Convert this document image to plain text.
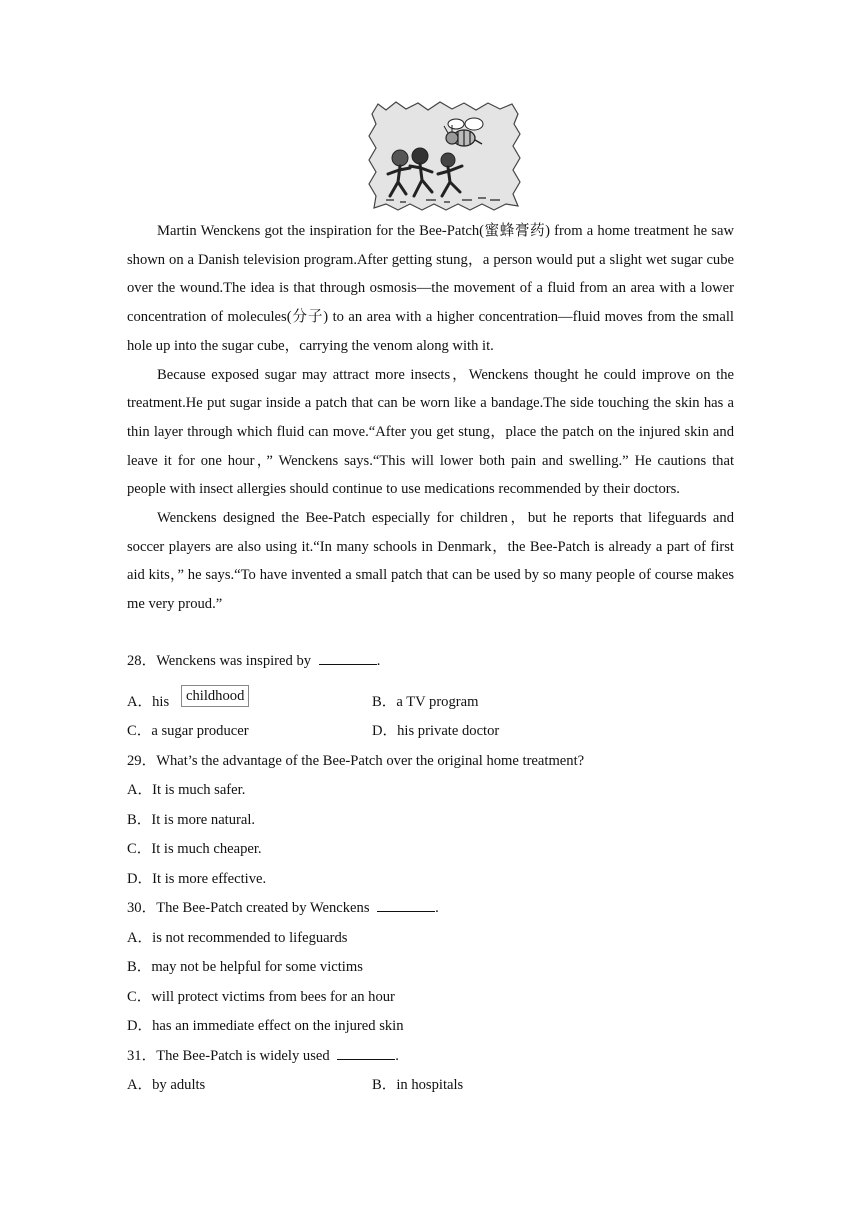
Martin Wenckens got the inspiration for the Bee-Patch(蜜蜂膏药) from a home treatment he saw shown on a Danish television program.After getting stung，a person would put a slight wet sugar cube over the wound.The idea is that through osmosis—the movement of a fluid from an area with a lower concentration of molecules(分子) to an area with a higher concentration—fluid moves from the small hole up into the sugar cube，carrying the venom along with it.

Because exposed sugar may attract more insects，Wenckens thought he could improve on the treatment.He put sugar inside a patch that can be worn like a bandage.The side touching the skin has a thin layer through which fluid can move.“After you get stung，place the patch on the injured skin and leave it for one hour，” Wenckens says.“This will lower both pain and swelling.” He cautions that people with insect allergies should continue to use medications recommended by their doctors.

Wenckens designed the Bee-Patch especially for children，but he reports that lifeguards and soccer players are also using it.“In many schools in Denmark，the Bee-Patch is already a part of first aid kits，” he says.“To have invented a small patch that can be used by so many people of course makes me very proud.”

28．Wenckens was inspired by	.
A．his	childhood	B．a TV program
C．a sugar producer	D．his private doctor
29．What’s the advantage of the Bee-Patch over the original home treatment?
A．It is much safer.
B．It is more natural.
C．It is much cheaper.
D．It is more effective.
30．The Bee-Patch created by Wenckens	.
A．is not recommended to lifeguards
B．may not be helpful for some victims
C．will protect victims from bees for an hour
D．has an immediate effect on the injured skin
31．The Bee-Patch is widely used	.
A．by adults	B．in hospitals
